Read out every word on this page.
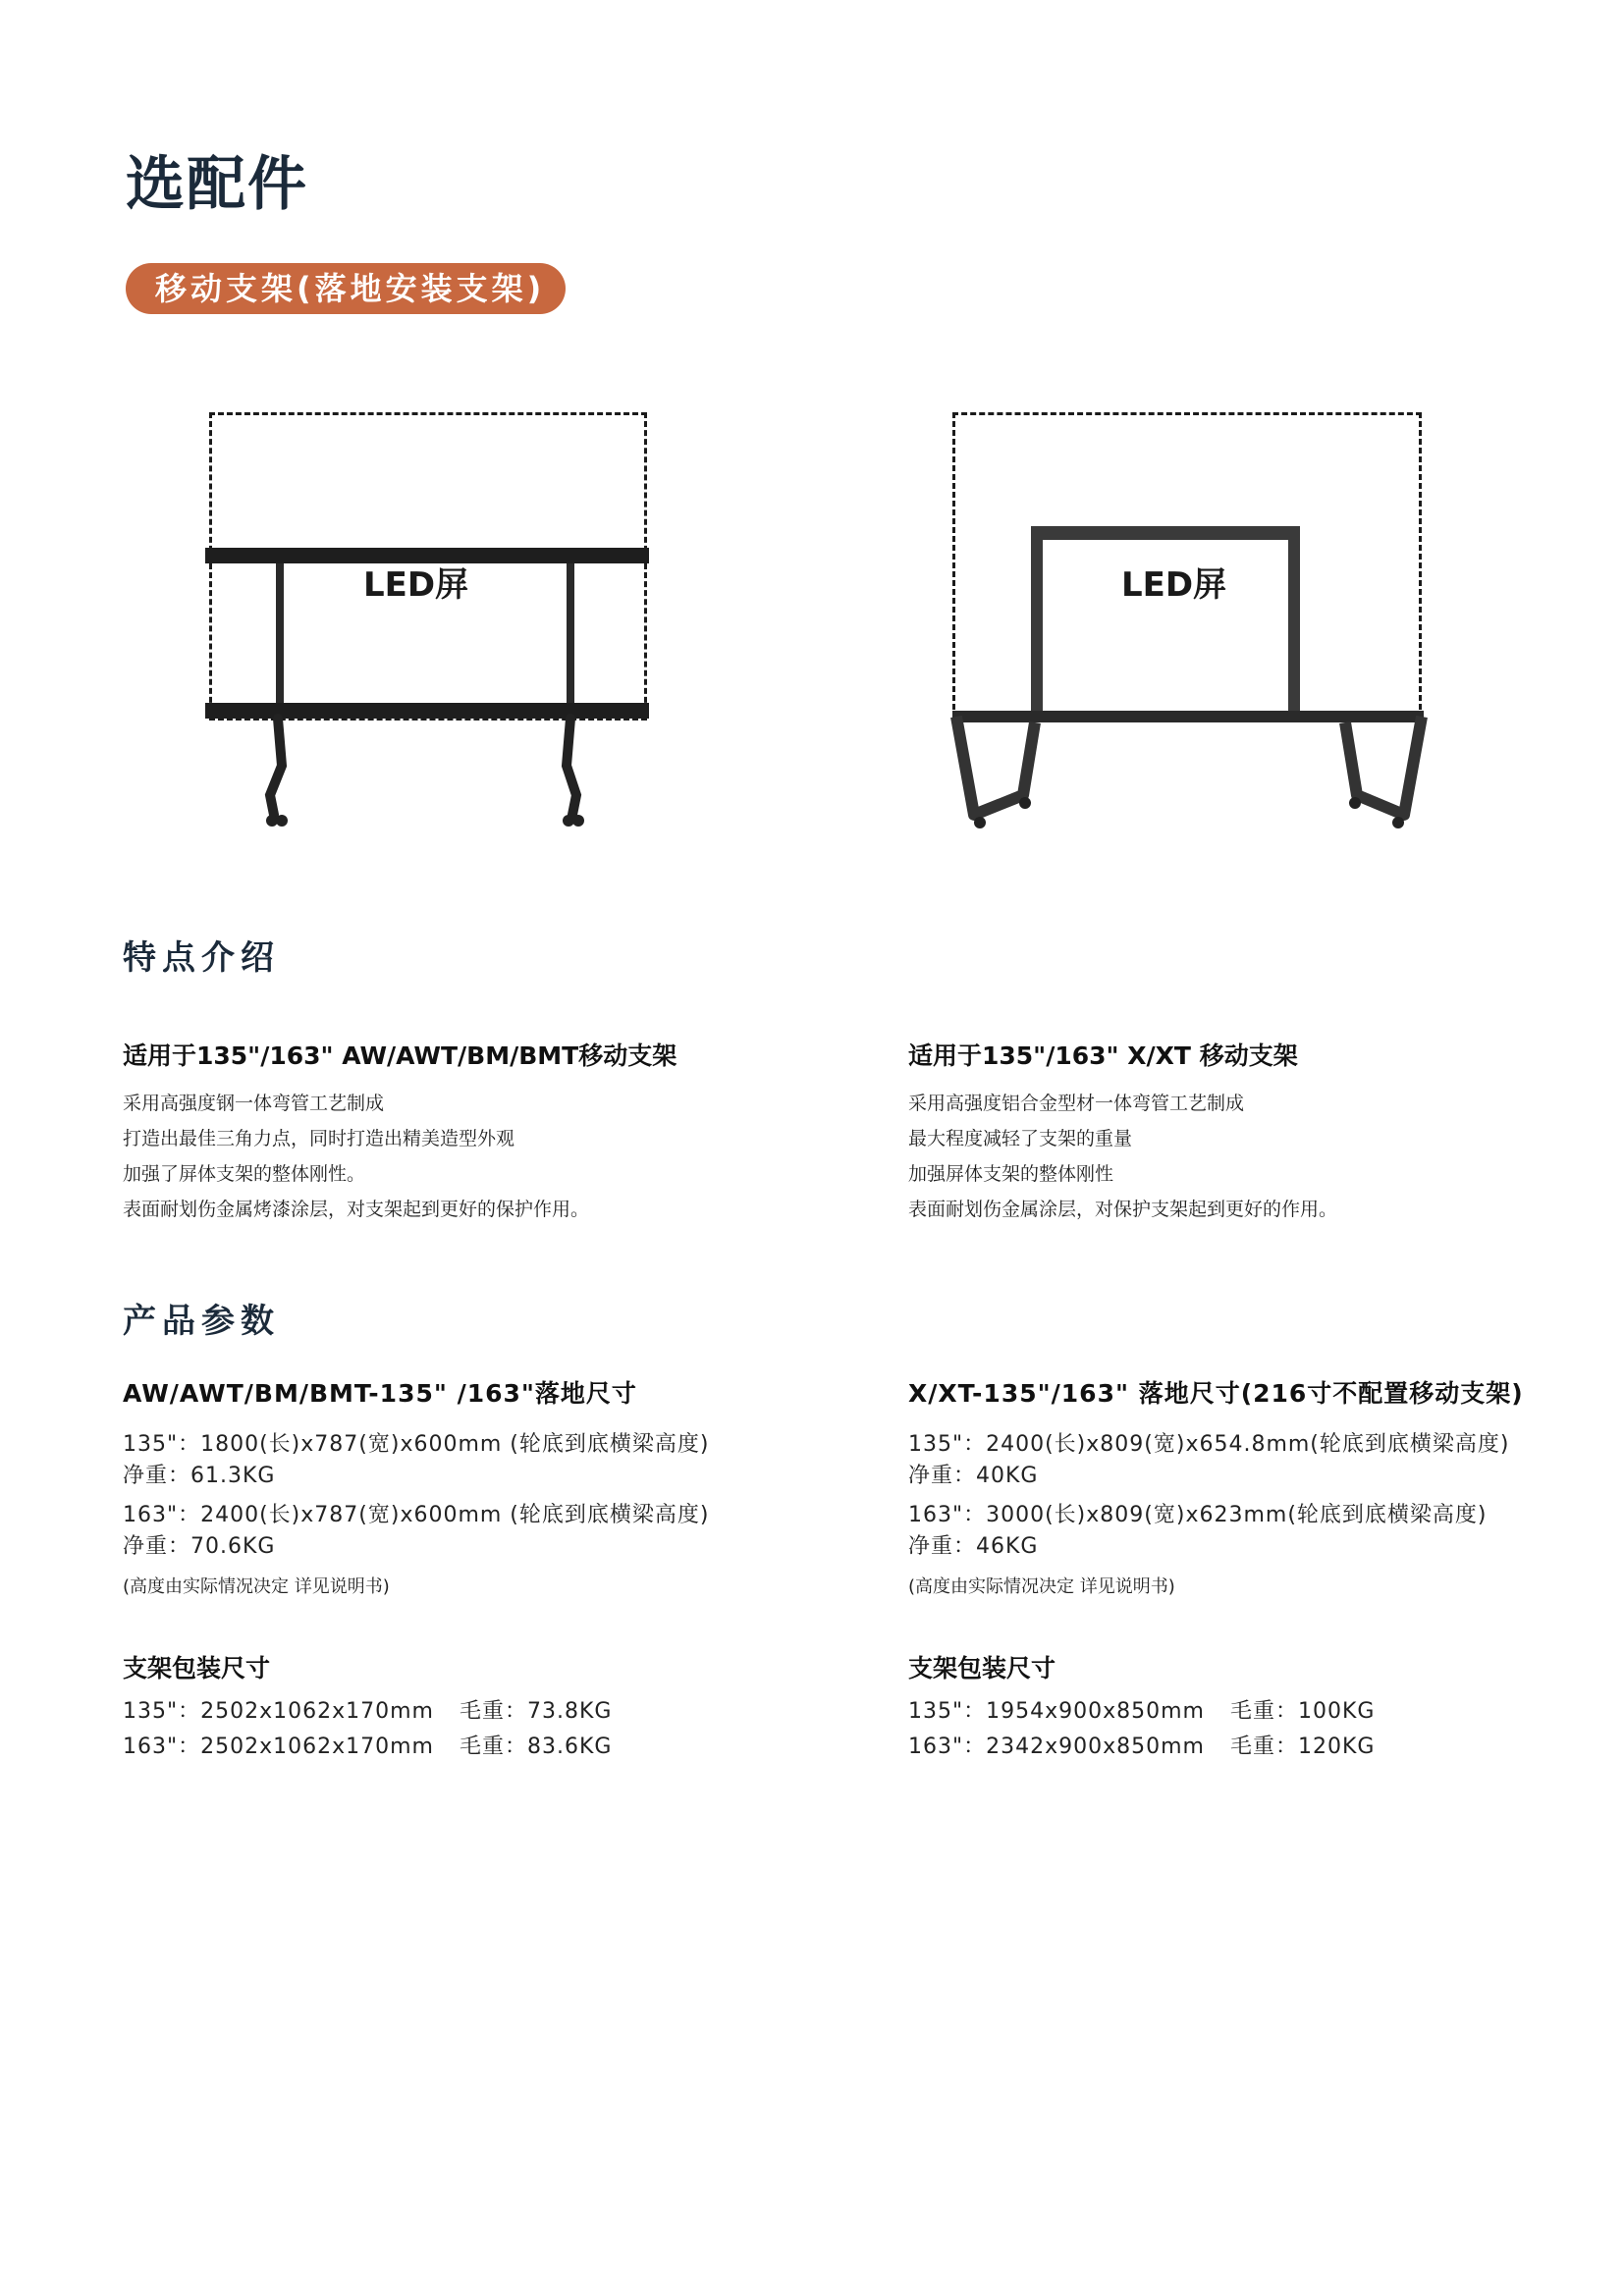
选配件
移动支架(落地安装支架)
LED屏	LED屏
特点介绍
适用于135"/163" AW/AWT/BM/BMT移动支架
采用高强度钢一体弯管工艺制成
打造出最佳三角力点，同时打造出精美造型外观
加强了屏体支架的整体刚性。
表面耐划伤金属烤漆涂层，对支架起到更好的保护作用。
适用于135"/163" X/XT 移动支架
采用高强度铝合金型材一体弯管工艺制成
最大程度减轻了支架的重量
加强屏体支架的整体刚性
表面耐划伤金属涂层，对保护支架起到更好的作用。
产品参数
AW/AWT/BM/BMT-135" /163"落地尺寸
135"：1800(长)x787(宽)x600mm (轮底到底横梁高度)
净重：61.3KG
163"：2400(长)x787(宽)x600mm (轮底到底横梁高度)
净重：70.6KG
(高度由实际情况决定 详见说明书)
支架包装尺寸
135"：2502x1062x170mm 毛重：73.8KG
163"：2502x1062x170mm 毛重：83.6KG
X/XT-135"/163" 落地尺寸(216寸不配置移动支架)
135"：2400(长)x809(宽)x654.8mm(轮底到底横梁高度)
净重：40KG
163"：3000(长)x809(宽)x623mm(轮底到底横梁高度)
净重：46KG
(高度由实际情况决定 详见说明书)
支架包装尺寸
135"：1954x900x850mm 毛重：100KG
163"：2342x900x850mm 毛重：120KG
